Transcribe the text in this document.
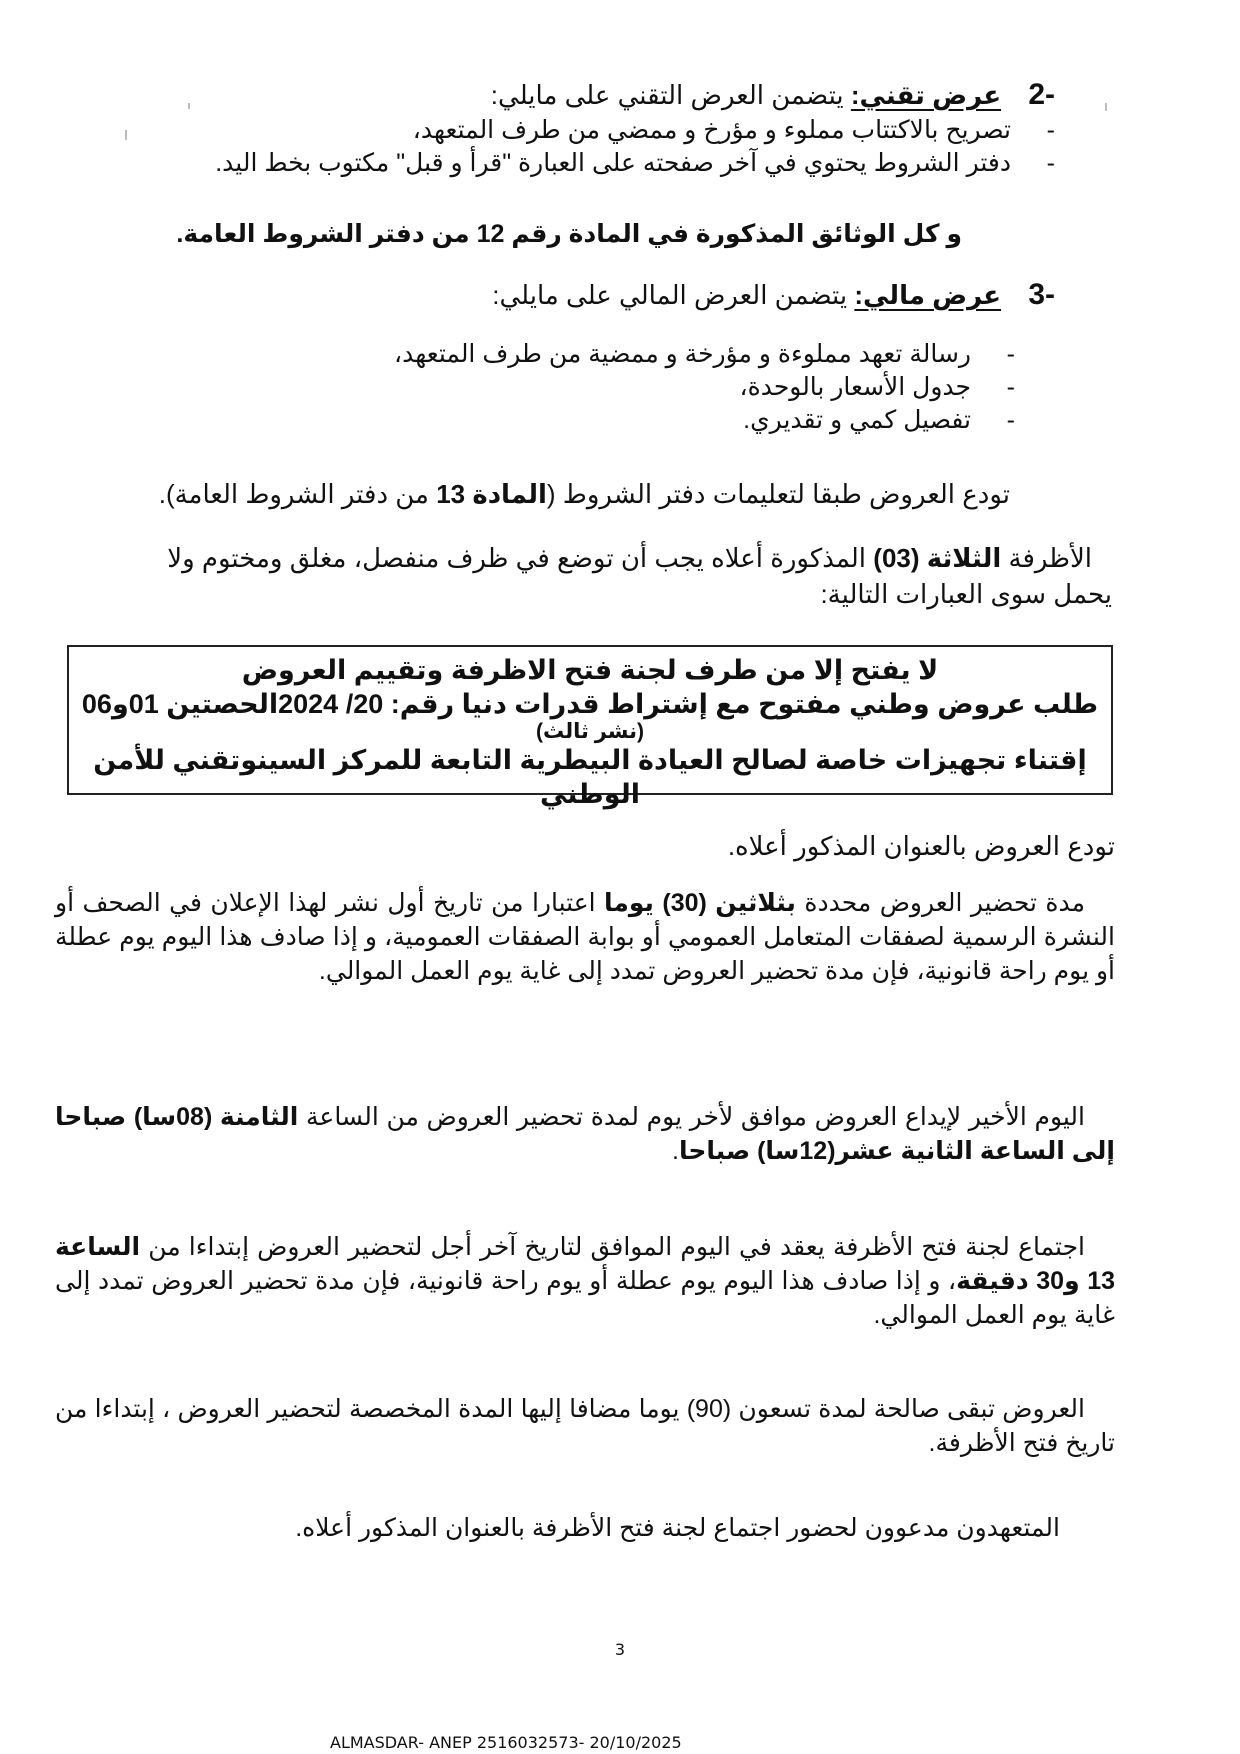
-2 عرض تقني: يتضمن العرض التقني على مايلي:
-تصريح بالاكتتاب مملوء و مؤرخ و ممضي من طرف المتعهد،
-دفتر الشروط يحتوي في آخر صفحته على العبارة "قرأ و قبل" مكتوب بخط اليد.
و كل الوثائق المذكورة في المادة رقم 12 من دفتر الشروط العامة.
-3 عرض مالي: يتضمن العرض المالي على مايلي:
-رسالة تعهد مملوءة و مؤرخة و ممضية من طرف المتعهد،
-جدول الأسعار بالوحدة،
-تفصيل كمي و تقديري.
تودع العروض طبقا لتعليمات دفتر الشروط (المادة 13 من دفتر الشروط العامة).
الأظرفة الثلاثة (03) المذكورة أعلاه يجب أن توضع في ظرف منفصل، مغلق ومختوم ولا
يحمل سوى العبارات التالية:
لا يفتح إلا من طرف لجنة فتح الاظرفة وتقييم العروض
طلب عروض وطني مفتوح مع إشتراط قدرات دنيا رقم: 20/ 2024الحصتين 01و06
(نشر ثالث)
إقتناء تجهيزات خاصة لصالح العيادة البيطرية التابعة للمركز السينوتقني للأمن الوطني
تودع العروض بالعنوان المذكور أعلاه.
مدة تحضير العروض محددة بثلاثين (30) يوما اعتبارا من تاريخ أول نشر لهذا الإعلان في الصحف أو النشرة الرسمية لصفقات المتعامل العمومي أو بوابة الصفقات العمومية، و إذا صادف هذا اليوم يوم عطلة أو يوم راحة قانونية، فإن مدة تحضير العروض تمدد إلى غاية يوم العمل الموالي.
اليوم الأخير لإيداع العروض موافق لأخر يوم لمدة تحضير العروض من الساعة الثامنة (08سا) صباحا إلى الساعة الثانية عشر(12سا) صباحا.
اجتماع لجنة فتح الأظرفة يعقد في اليوم الموافق لتاريخ آخر أجل لتحضير العروض إبتداءا من الساعة 13 و30 دقيقة، و إذا صادف هذا اليوم يوم عطلة أو يوم راحة قانونية، فإن مدة تحضير العروض تمدد إلى غاية يوم العمل الموالي.
العروض تبقى صالحة لمدة تسعون (90) يوما مضافا إليها المدة المخصصة لتحضير العروض ، إبتداءا من تاريخ فتح الأظرفة.
المتعهدون مدعوون لحضور اجتماع لجنة فتح الأظرفة بالعنوان المذكور أعلاه.
3
ALMASDAR- ANEP 2516032573- 20/10/2025
